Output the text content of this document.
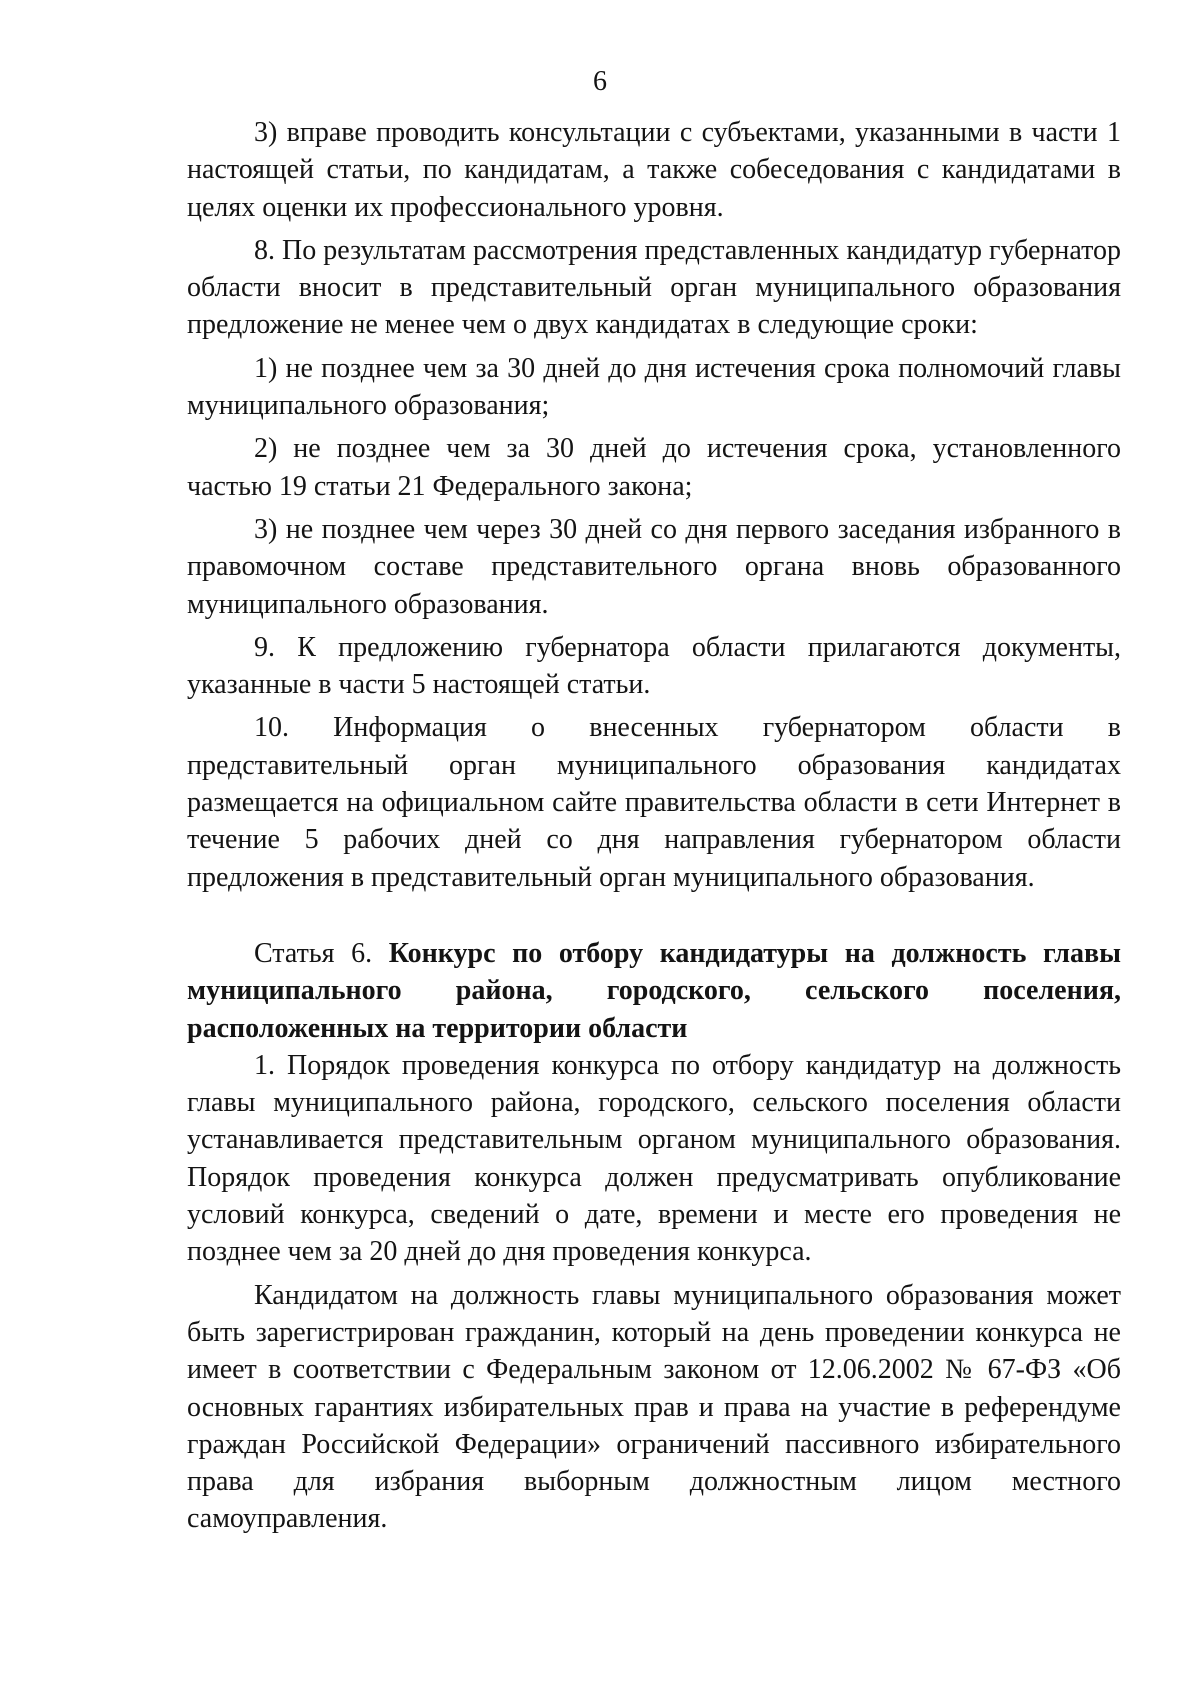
6

3) вправе проводить консультации с субъектами, указанными в части 1 настоящей статьи, по кандидатам, а также собеседования с кандидатами в целях оценки их профессионального уровня.

8. По результатам рассмотрения представленных кандидатур губернатор области вносит в представительный орган муниципального образования предложение не менее чем о двух кандидатах в следующие сроки:

1) не позднее чем за 30 дней до дня истечения срока полномочий главы муниципального образования;

2) не позднее чем за 30 дней до истечения срока, установленного частью 19 статьи 21 Федерального закона;

3) не позднее чем через 30 дней со дня первого заседания избранного в правомочном составе представительного органа вновь образованного муниципального образования.

9. К предложению губернатора области прилагаются документы, указанные в части 5 настоящей статьи.

10. Информация о внесенных губернатором области в представительный орган муниципального образования кандидатах размещается на официальном сайте правительства области в сети Интернет в течение 5 рабочих дней со дня направления губернатором области предложения в представительный орган муниципального образования.

Статья 6. Конкурс по отбору кандидатуры на должность главы муниципального района, городского, сельского поселения, расположенных на территории области

1. Порядок проведения конкурса по отбору кандидатур на должность главы муниципального района, городского, сельского поселения области устанавливается представительным органом муниципального образования. Порядок проведения конкурса должен предусматривать опубликование условий конкурса, сведений о дате, времени и месте его проведения не позднее чем за 20 дней до дня проведения конкурса.

Кандидатом на должность главы муниципального образования может быть зарегистрирован гражданин, который на день проведении конкурса не имеет в соответствии с Федеральным законом от 12.06.2002 № 67-ФЗ «Об основных гарантиях избирательных прав и права на участие в референдуме граждан Российской Федерации» ограничений пассивного избирательного права для избрания выборным должностным лицом местного самоуправления.
